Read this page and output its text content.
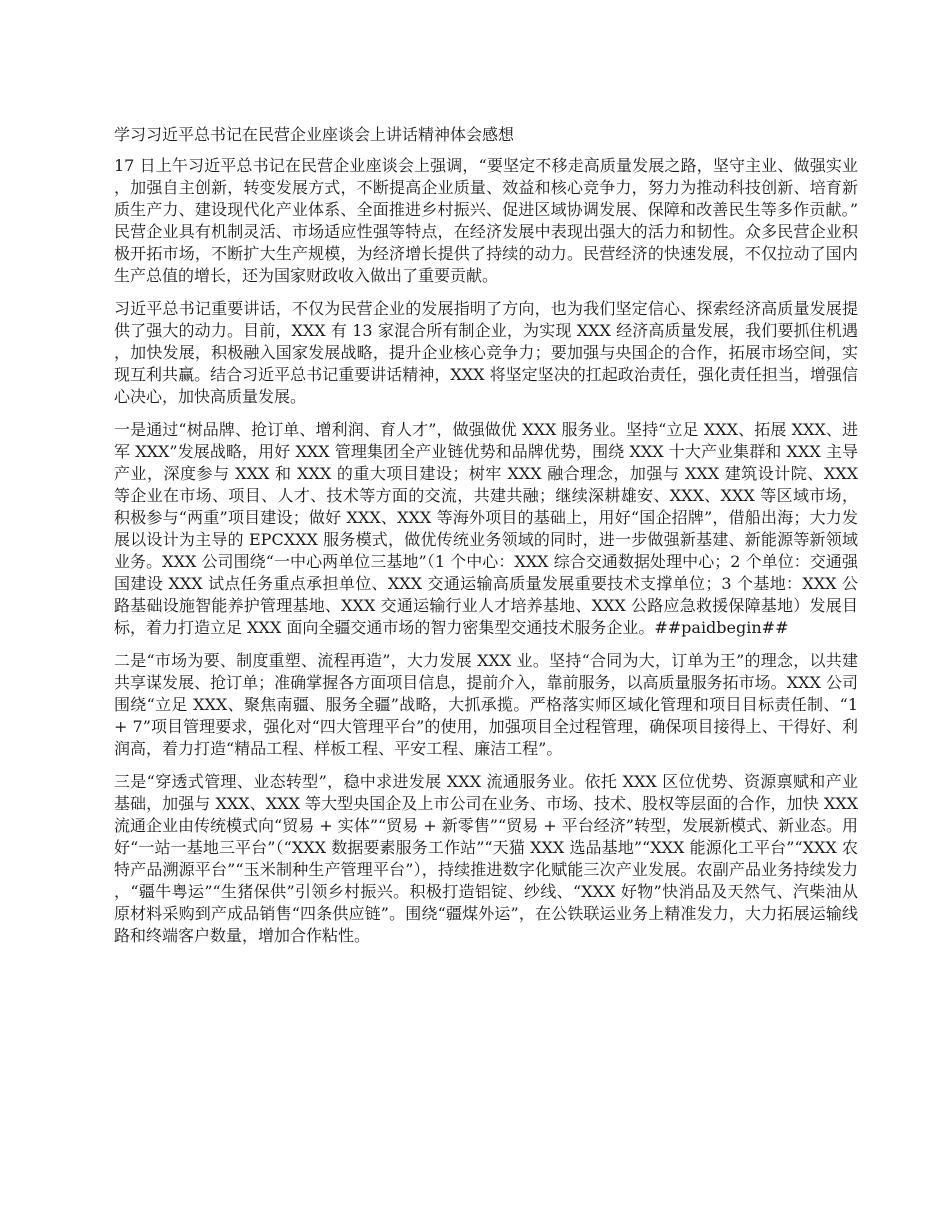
学习习近平总书记在民营企业座谈会上讲话精神体会感想

17 日上午习近平总书记在民营企业座谈会上强调，“要坚定不移走高质量发展之路，坚守主业、做强实业，加强自主创新，转变发展方式，不断提高企业质量、效益和核心竞争力，努力为推动科技创新、培育新质生产力、建设现代化产业体系、全面推进乡村振兴、促进区域协调发展、保障和改善民生等多作贡献。”民营企业具有机制灵活、市场适应性强等特点，在经济发展中表现出强大的活力和韧性。众多民营企业积极开拓市场，不断扩大生产规模，为经济增长提供了持续的动力。民营经济的快速发展，不仅拉动了国内生产总值的增长，还为国家财政收入做出了重要贡献。

习近平总书记重要讲话，不仅为民营企业的发展指明了方向，也为我们坚定信心、探索经济高质量发展提供了强大的动力。目前，XXX 有 13 家混合所有制企业，为实现 XXX 经济高质量发展，我们要抓住机遇，加快发展，积极融入国家发展战略，提升企业核心竞争力；要加强与央国企的合作，拓展市场空间，实现互利共赢。结合习近平总书记重要讲话精神，XXX 将坚定坚决的扛起政治责任，强化责任担当，增强信心决心，加快高质量发展。

一是通过“树品牌、抢订单、增利润、育人才”，做强做优 XXX 服务业。坚持“立足 XXX、拓展 XXX、进军 XXX”发展战略，用好 XXX 管理集团全产业链优势和品牌优势，围绕 XXX 十大产业集群和 XXX 主导产业，深度参与 XXX 和 XXX 的重大项目建设；树牢 XXX 融合理念，加强与 XXX 建筑设计院、XXX 等企业在市场、项目、人才、技术等方面的交流，共建共融；继续深耕雄安、XXX、XXX 等区域市场，积极参与“两重”项目建设；做好 XXX、XXX 等海外项目的基础上，用好“国企招牌”，借船出海；大力发展以设计为主导的 EPCXXX 服务模式，做优传统业务领域的同时，进一步做强新基建、新能源等新领域业务。XXX 公司围绕“一中心两单位三基地”（1 个中心：XXX 综合交通数据处理中心；2 个单位：交通强国建设 XXX 试点任务重点承担单位、XXX 交通运输高质量发展重要技术支撑单位；3 个基地：XXX 公路基础设施智能养护管理基地、XXX 交通运输行业人才培养基地、XXX 公路应急救援保障基地）发展目标，着力打造立足 XXX 面向全疆交通市场的智力密集型交通技术服务企业。##paidbegin##

二是“市场为要、制度重塑、流程再造”，大力发展 XXX 业。坚持“合同为大，订单为王”的理念，以共建共享谋发展、抢订单；准确掌握各方面项目信息，提前介入，靠前服务，以高质量服务拓市场。XXX 公司围绕“立足 XXX、聚焦南疆、服务全疆”战略，大抓承揽。严格落实师区域化管理和项目目标责任制、“1 + 7”项目管理要求，强化对“四大管理平台”的使用，加强项目全过程管理，确保项目接得上、干得好、利润高，着力打造“精品工程、样板工程、平安工程、廉洁工程”。

三是“穿透式管理、业态转型”，稳中求进发展 XXX 流通服务业。依托 XXX 区位优势、资源禀赋和产业基础，加强与 XXX、XXX 等大型央国企及上市公司在业务、市场、技术、股权等层面的合作，加快 XXX 流通企业由传统模式向“贸易 + 实体”“贸易 + 新零售”“贸易 + 平台经济”转型，发展新模式、新业态。用好“一站一基地三平台”（“XXX 数据要素服务工作站”“天猫 XXX 选品基地”“XXX 能源化工平台”“XXX 农特产品溯源平台”“玉米制种生产管理平台”），持续推进数字化赋能三次产业发展。农副产品业务持续发力，“疆牛粤运”“生猪保供”引领乡村振兴。积极打造铝锭、纱线、“XXX 好物”快消品及天然气、汽柴油从原材料采购到产成品销售“四条供应链”。围绕“疆煤外运”，在公铁联运业务上精准发力，大力拓展运输线路和终端客户数量，增加合作粘性。
